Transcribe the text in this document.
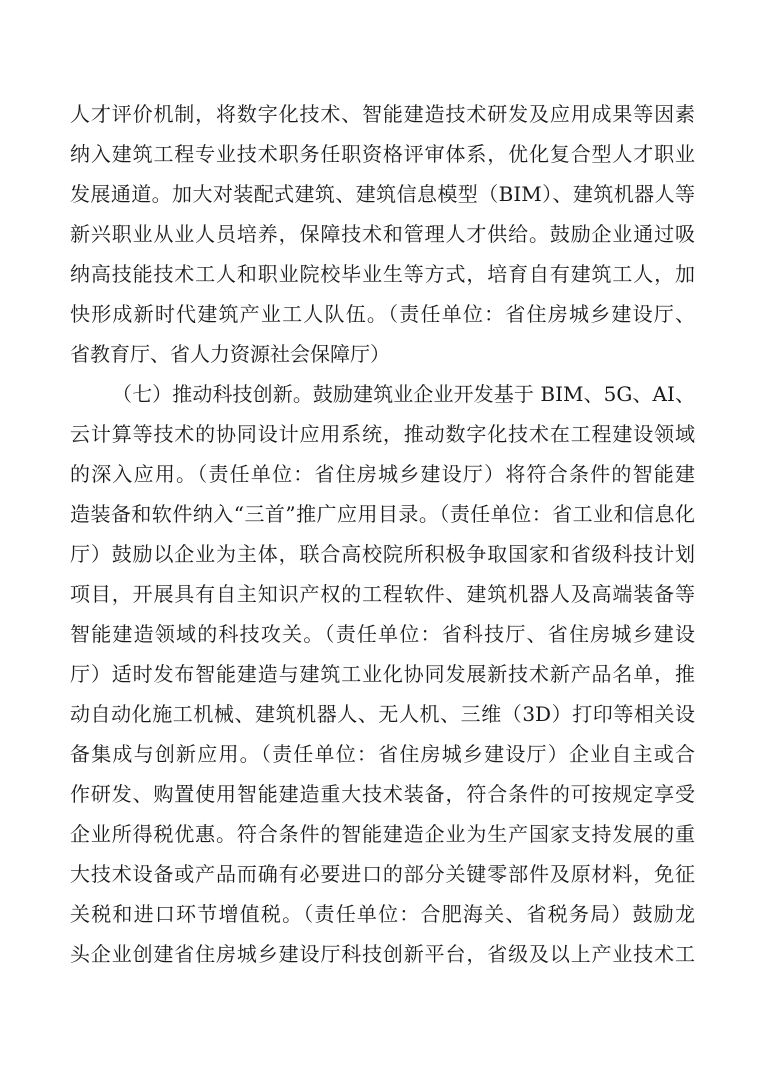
人才评价机制，将数字化技术、智能建造技术研发及应用成果等因素
纳入建筑工程专业技术职务任职资格评审体系，优化复合型人才职业
发展通道。加大对装配式建筑、建筑信息模型（BIM）、建筑机器人等
新兴职业从业人员培养，保障技术和管理人才供给。鼓励企业通过吸
纳高技能技术工人和职业院校毕业生等方式，培育自有建筑工人，加
快形成新时代建筑产业工人队伍。（责任单位：省住房城乡建设厅、
省教育厅、省人力资源社会保障厅）
（七）推动科技创新。鼓励建筑业企业开发基于 BIM、5G、AI、
云计算等技术的协同设计应用系统，推动数字化技术在工程建设领域
的深入应用。（责任单位：省住房城乡建设厅）将符合条件的智能建
造装备和软件纳入“三首”推广应用目录。（责任单位：省工业和信息化
厅）鼓励以企业为主体，联合高校院所积极争取国家和省级科技计划
项目，开展具有自主知识产权的工程软件、建筑机器人及高端装备等
智能建造领域的科技攻关。（责任单位：省科技厅、省住房城乡建设
厅）适时发布智能建造与建筑工业化协同发展新技术新产品名单，推
动自动化施工机械、建筑机器人、无人机、三维（3D）打印等相关设
备集成与创新应用。（责任单位：省住房城乡建设厅）企业自主或合
作研发、购置使用智能建造重大技术装备，符合条件的可按规定享受
企业所得税优惠。符合条件的智能建造企业为生产国家支持发展的重
大技术设备或产品而确有必要进口的部分关键零部件及原材料，免征
关税和进口环节增值税。（责任单位：合肥海关、省税务局）鼓励龙
头企业创建省住房城乡建设厅科技创新平台，省级及以上产业技术工
